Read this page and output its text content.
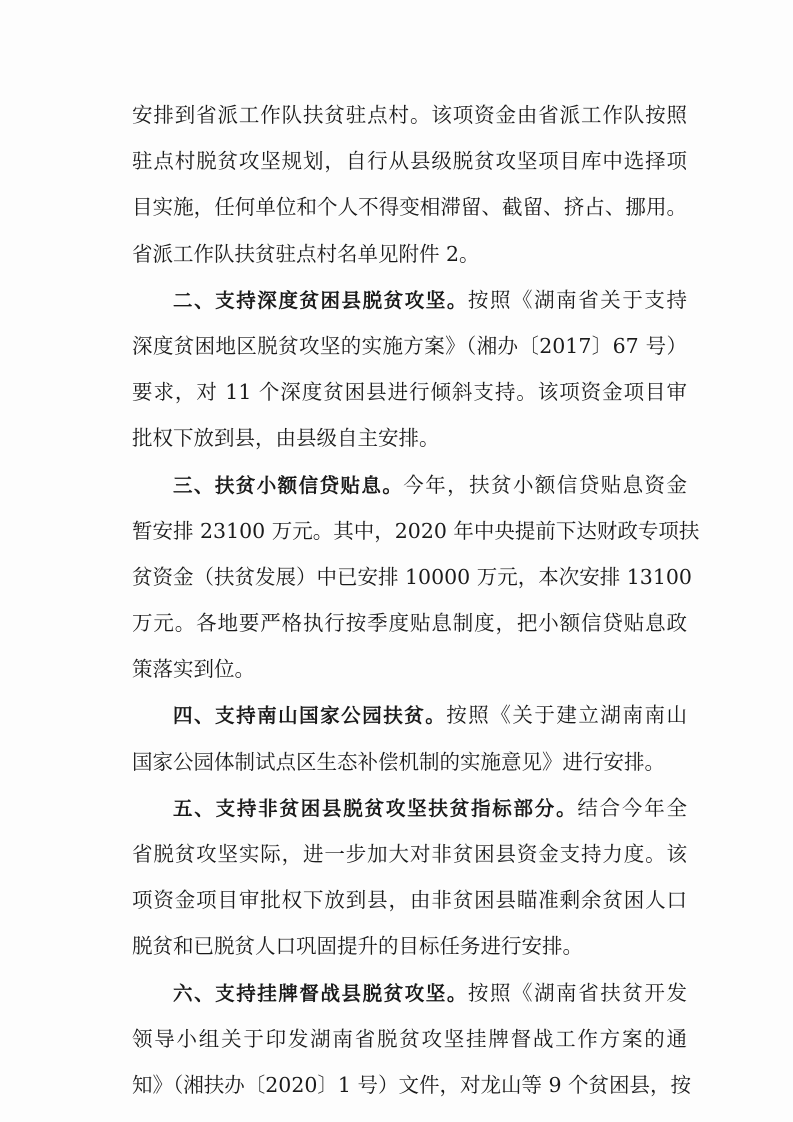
安排到省派工作队扶贫驻点村。该项资金由省派工作队按照
驻点村脱贫攻坚规划，自行从县级脱贫攻坚项目库中选择项
目实施，任何单位和个人不得变相滞留、截留、挤占、挪用。
省派工作队扶贫驻点村名单见附件 2。
二、支持深度贫困县脱贫攻坚。按照《湖南省关于支持
深度贫困地区脱贫攻坚的实施方案》（湘办〔2017〕67 号）
要求，对 11 个深度贫困县进行倾斜支持。该项资金项目审
批权下放到县，由县级自主安排。
三、扶贫小额信贷贴息。今年，扶贫小额信贷贴息资金
暂安排 23100 万元。其中，2020 年中央提前下达财政专项扶
贫资金（扶贫发展）中已安排 10000 万元，本次安排 13100
万元。各地要严格执行按季度贴息制度，把小额信贷贴息政
策落实到位。
四、支持南山国家公园扶贫。按照《关于建立湖南南山
国家公园体制试点区生态补偿机制的实施意见》进行安排。
五、支持非贫困县脱贫攻坚扶贫指标部分。结合今年全
省脱贫攻坚实际，进一步加大对非贫困县资金支持力度。该
项资金项目审批权下放到县，由非贫困县瞄准剩余贫困人口
脱贫和已脱贫人口巩固提升的目标任务进行安排。
六、支持挂牌督战县脱贫攻坚。按照《湖南省扶贫开发
领导小组关于印发湖南省脱贫攻坚挂牌督战工作方案的通
知》（湘扶办〔2020〕1 号）文件，对龙山等 9 个贫困县，按
